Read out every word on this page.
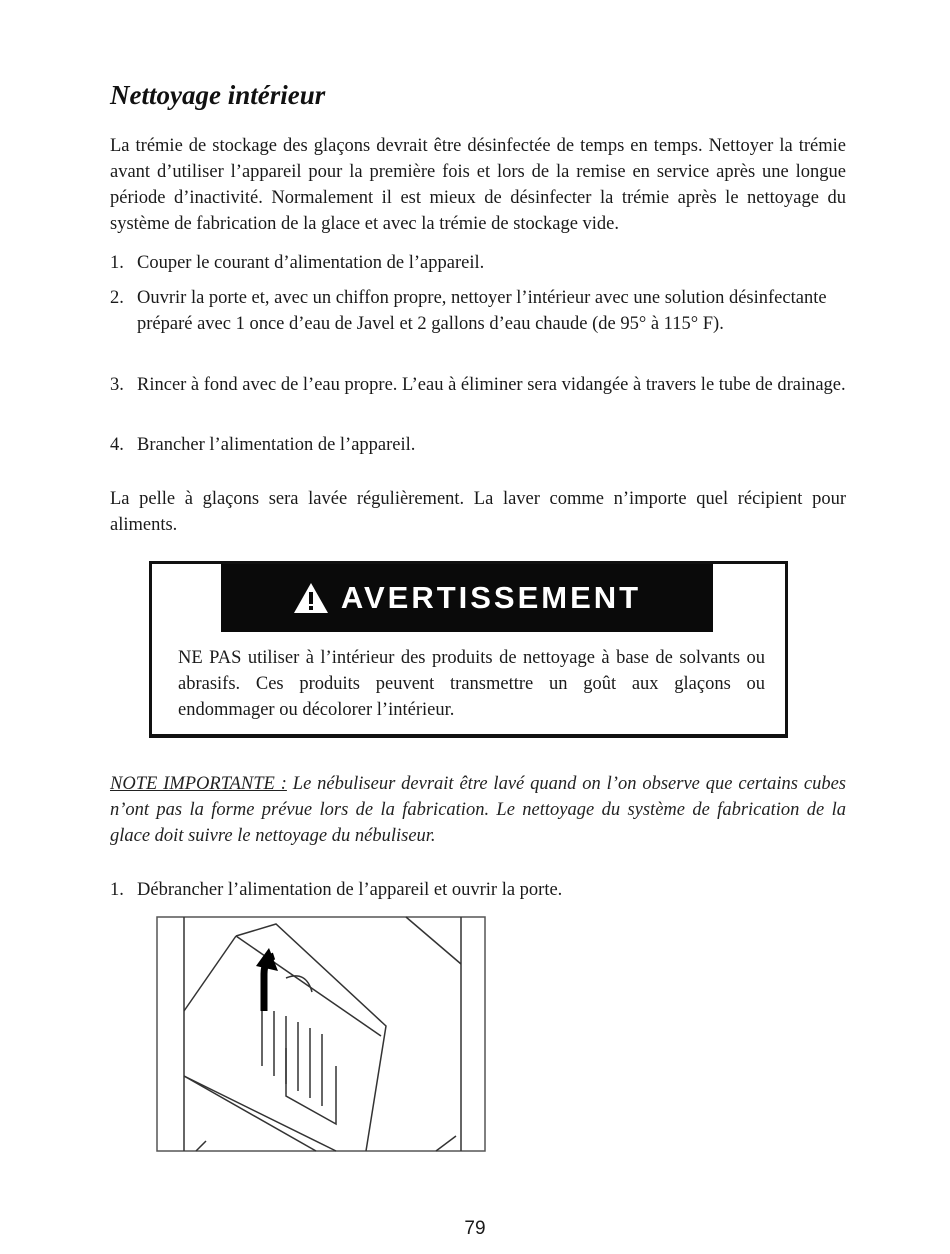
Nettoyage intérieur

La trémie de stockage des glaçons devrait être désinfectée de temps en temps. Nettoyer la trémie avant d’utiliser l’appareil pour la première fois et lors de la remise en service après une longue période d’inactivité. Normalement il est mieux de désinfecter la trémie après le nettoyage du système de fabrication de la glace et avec la trémie de stockage vide.

1. Couper le courant d’alimentation de l’appareil.

2. Ouvrir la porte et, avec un chiffon propre, nettoyer l’intérieur avec une solution désinfectante préparé avec 1 once d’eau de Javel et 2 gallons d’eau chaude (de 95° à 115° F).

3. Rincer à fond avec de l’eau propre. L’eau à éliminer sera vidangée à travers le tube de drainage.

4. Brancher l’alimentation de l’appareil.

La pelle à glaçons sera lavée régulièrement. La laver comme n’importe quel récipient pour aliments.

AVERTISSEMENT

NE PAS utiliser à l’intérieur des produits de nettoyage à base de solvants ou abrasifs. Ces produits peuvent transmettre un goût aux glaçons ou endommager ou décolorer l’intérieur.

NOTE IMPORTANTE : Le nébuliseur devrait être lavé quand on l’on observe que certains cubes n’ont pas la forme prévue lors de la fabrication. Le nettoyage du système de fabrication de la glace doit suivre le nettoyage du nébuliseur.

1. Débrancher l’alimentation de l’appareil et ouvrir la porte.

79
